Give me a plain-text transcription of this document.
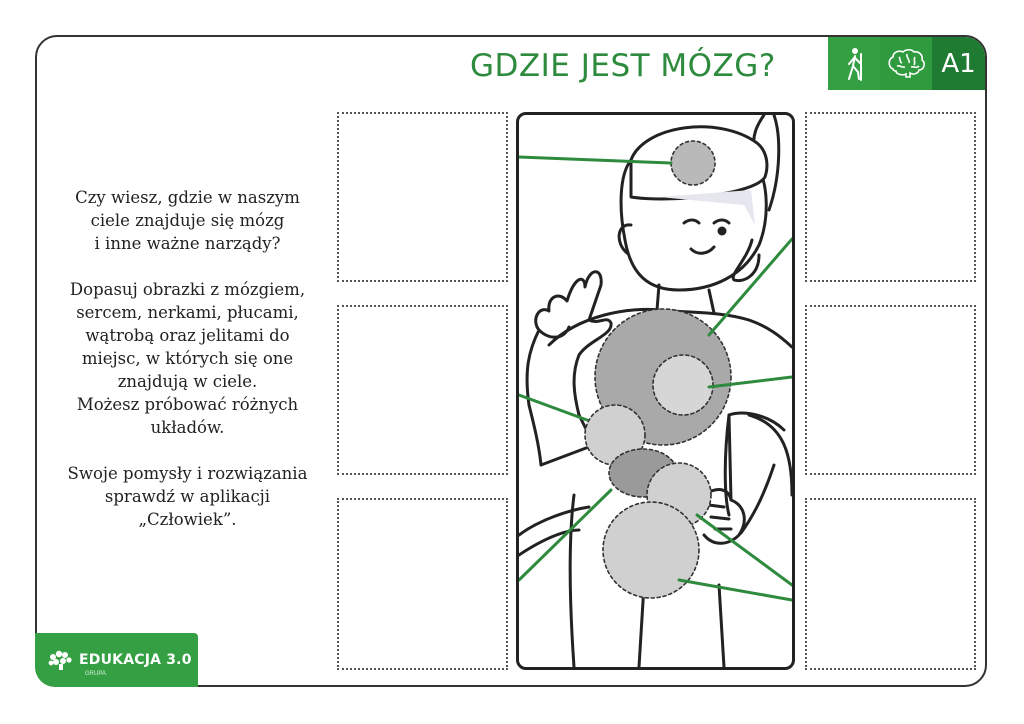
GDZIE JEST MÓZG?	A1

Czy wiesz, gdzie w naszym
ciele znajduje się mózg
i inne ważne narządy?

Dopasuj obrazki z mózgiem,
sercem, nerkami, płucami,
wątrobą oraz jelitami do
miejsc, w których się one
znajdują w ciele.
Możesz próbować różnych
układów.

Swoje pomysły i rozwiązania
sprawdź w aplikacji
„Człowiek”.

EDUKACJA 3.0
GRUPA
